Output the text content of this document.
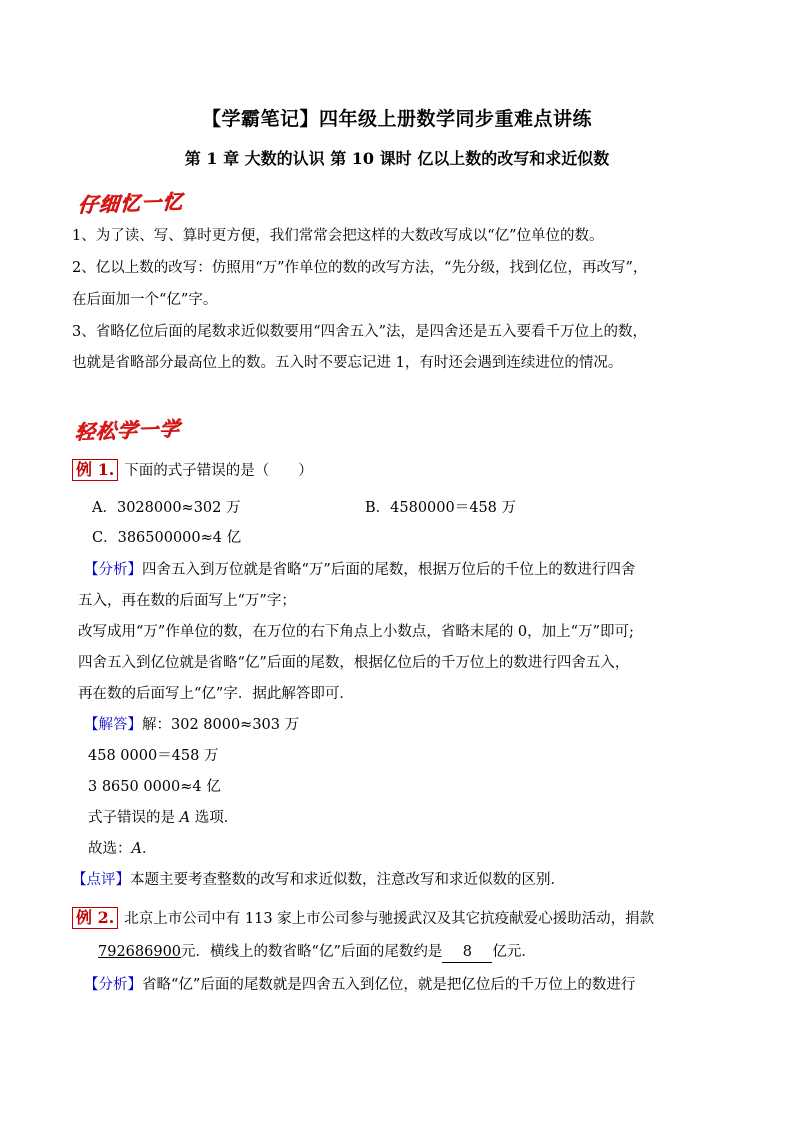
【学霸笔记】四年级上册数学同步重难点讲练
第 1 章 大数的认识 第 10 课时 亿以上数的改写和求近似数
仔细忆一忆
1、为了读、写、算时更方便，我们常常会把这样的大数改写成以“亿”位单位的数。
2、亿以上数的改写：仿照用“万”作单位的数的改写方法，“先分级，找到亿位，再改写”，
在后面加一个“亿”字。
3、省略亿位后面的尾数求近似数要用“四舍五入”法，是四舍还是五入要看千万位上的数，
也就是省略部分最高位上的数。五入时不要忘记进 1，有时还会遇到连续进位的情况。
轻松学一学
例 1. 下面的式子错误的是（　　）
A．3028000≈302 万	B．4580000＝458 万
C．386500000≈4 亿
【分析】四舍五入到万位就是省略“万”后面的尾数，根据万位后的千位上的数进行四舍
五入，再在数的后面写上“万”字；
改写成用“万”作单位的数，在万位的右下角点上小数点，省略末尾的 0，加上“万”即可;
四舍五入到亿位就是省略“亿”后面的尾数，根据亿位后的千万位上的数进行四舍五入，
再在数的后面写上“亿”字．据此解答即可．
【解答】解：302 8000≈303 万
458 0000＝458 万
3 8650 0000≈4 亿
式子错误的是 A 选项．
故选：A．
【点评】本题主要考查整数的改写和求近似数，注意改写和求近似数的区别．
例 2. 北京上市公司中有 113 家上市公司参与驰援武汉及其它抗疫献爱心援助活动，捐款
792686900元．横线上的数省略“亿”后面的尾数约是 8 亿元．
【分析】省略“亿”后面的尾数就是四舍五入到亿位，就是把亿位后的千万位上的数进行
